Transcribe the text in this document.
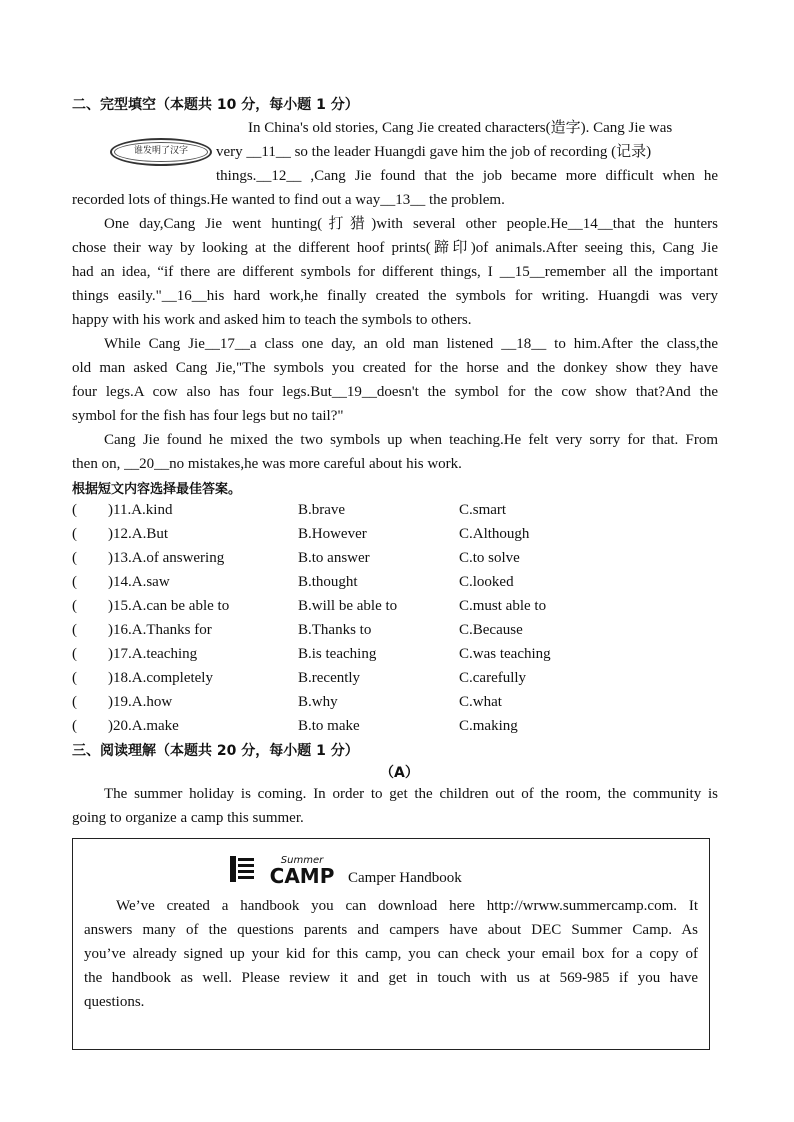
二、完型填空（本题共 10 分，每小题 1 分）
谁发明了汉字
In China's old stories, Cang Jie created characters(造字). Cang Jie was
very __11__ so the leader Huangdi gave him the job of recording (记录)
things.__12__ ,Cang Jie found that the job became more difficult when he
recorded lots of things.He wanted to find out a way__13__ the problem.
One day,Cang Jie went hunting(打猎)with several other people.He__14__that the hunters
chose their way by looking at the different hoof prints(蹄印)of animals.After seeing this, Cang Jie
had an idea, “if there are different symbols for different things, I __15__remember all the important
things easily."__16__his hard work,he finally created the symbols for writing. Huangdi was very
happy with his work and asked him to teach the symbols to others.
While Cang Jie__17__a class one day, an old man listened __18__ to him.After the class,the
old man asked Cang Jie,"The symbols you created for the horse and the donkey show they have
four legs.A cow also has four legs.But__19__doesn't the symbol for the cow show that?And the
symbol for the fish has four legs but no tail?"
Cang Jie found he mixed the two symbols up when teaching.He felt very sorry for that. From
then on, __20__no mistakes,he was more careful about his work.
根据短文内容选择最佳答案。
( )11.A.kind	B.brave	C.smart
( )12.A.But	B.However	C.Although
( )13.A.of answering	B.to answer	C.to solve
( )14.A.saw	B.thought	C.looked
( )15.A.can be able to	B.will be able to	C.must able to
( )16.A.Thanks for	B.Thanks to	C.Because
( )17.A.teaching	B.is teaching	C.was teaching
( )18.A.completely	B.recently	C.carefully
( )19.A.how	B.why	C.what
( )20.A.make	B.to make	C.making
三、阅读理解（本题共 20 分，每小题 1 分）
（A）
The summer holiday is coming. In order to get the children out of the room, the community is
going to organize a camp this summer.
Summer
CAMP Camper Handbook
We’ve created a handbook you can download here http://wrww.summercamp.com. It
answers many of the questions parents and campers have about DEC Summer Camp. As
you’ve already signed up your kid for this camp, you can check your email box for a copy of
the handbook as well. Please review it and get in touch with us at 569-985 if you have
questions.
